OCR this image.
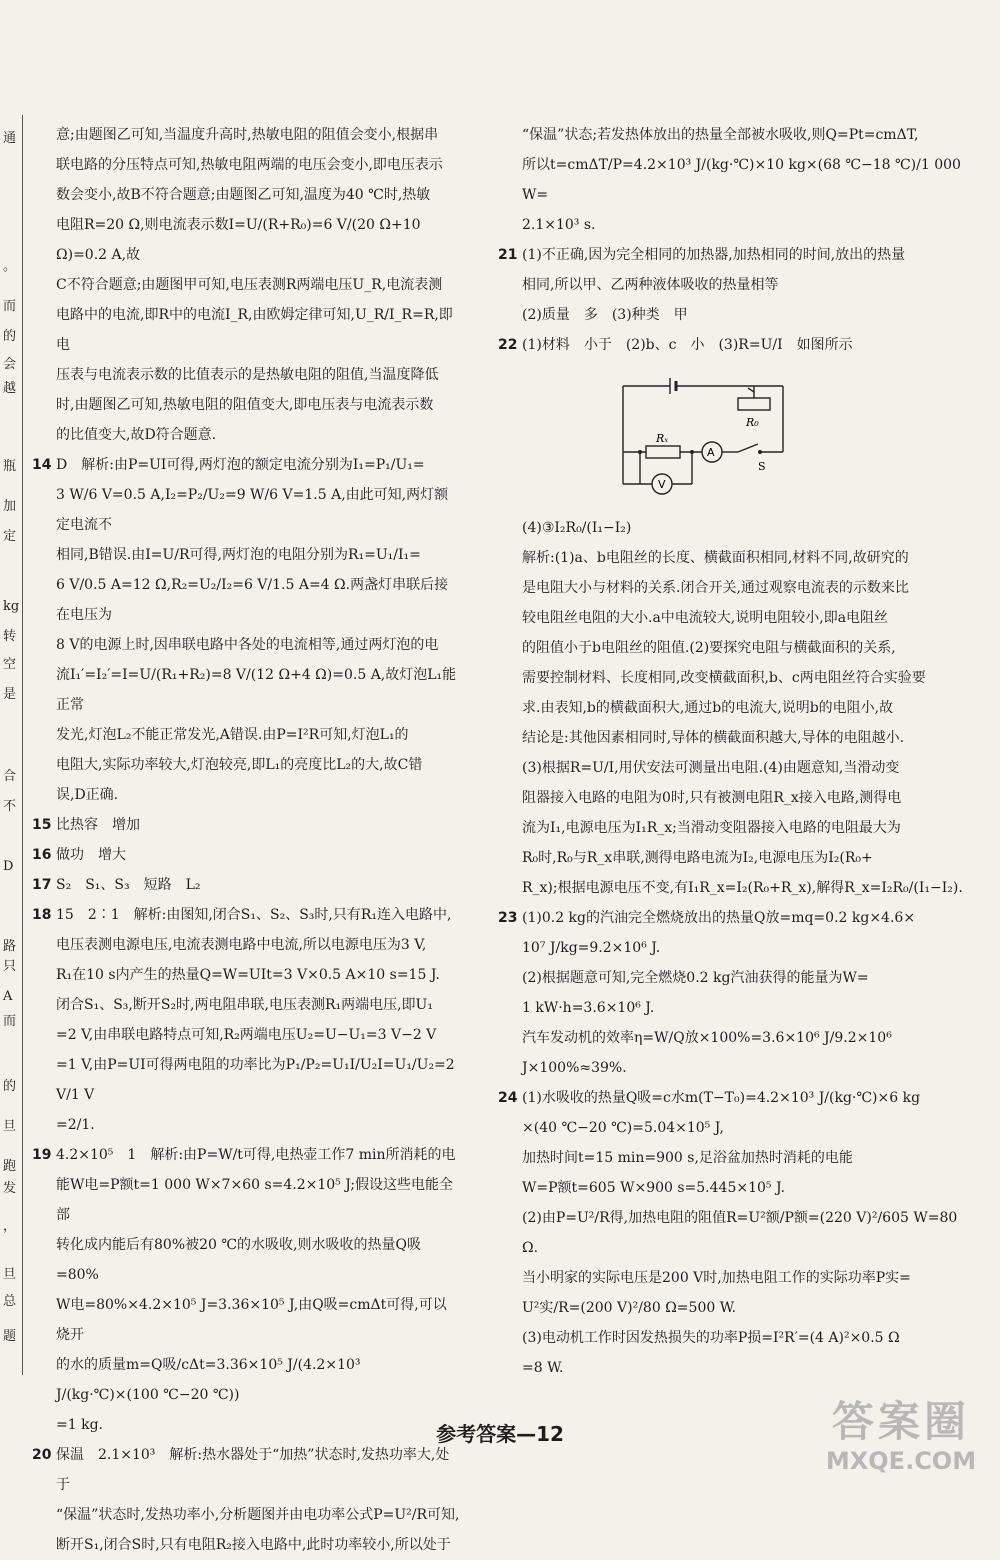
通
。
而
的
会
越
瓶
加
定
kg
转
空
是
合
不
D
路
只
A
而
的
旦
跑
发
，
旦
总
题

意;由题图乙可知,当温度升高时,热敏电阻的阻值会变小,根据串

联电路的分压特点可知,热敏电阻两端的电压会变小,即电压表示

数会变小,故B不符合题意;由题图乙可知,温度为40 ℃时,热敏

电阻R=20 Ω,则电流表示数I=U/(R+R₀)=6 V/(20 Ω+10 Ω)=0.2 A,故

C不符合题意;由题图甲可知,电压表测R两端电压U_R,电流表测

电路中的电流,即R中的电流I_R,由欧姆定律可知,U_R/I_R=R,即电

压表与电流表示数的比值表示的是热敏电阻的阻值,当温度降低

时,由题图乙可知,热敏电阻的阻值变大,即电压表与电流表示数

的比值变大,故D符合题意.

14 D　解析:由P=UI可得,两灯泡的额定电流分别为I₁=P₁/U₁=

3 W/6 V=0.5 A,I₂=P₂/U₂=9 W/6 V=1.5 A,由此可知,两灯额定电流不

相同,B错误.由I=U/R可得,两灯泡的电阻分别为R₁=U₁/I₁=

6 V/0.5 A=12 Ω,R₂=U₂/I₂=6 V/1.5 A=4 Ω.两盏灯串联后接在电压为

8 V的电源上时,因串联电路中各处的电流相等,通过两灯泡的电

流I₁′=I₂′=I=U/(R₁+R₂)=8 V/(12 Ω+4 Ω)=0.5 A,故灯泡L₁能正常

发光,灯泡L₂不能正常发光,A错误.由P=I²R可知,灯泡L₁的

电阻大,实际功率较大,灯泡较亮,即L₁的亮度比L₂的大,故C错

误,D正确.

15 比热容　增加

16 做功　增大

17 S₂　S₁、S₃　短路　L₂

18 15　2∶1　解析:由图知,闭合S₁、S₂、S₃时,只有R₁连入电路中,

电压表测电源电压,电流表测电路中电流,所以电源电压为3 V,

R₁在10 s内产生的热量Q=W=UIt=3 V×0.5 A×10 s=15 J.

闭合S₁、S₃,断开S₂时,两电阻串联,电压表测R₁两端电压,即U₁

=2 V,由串联电路特点可知,R₂两端电压U₂=U−U₁=3 V−2 V

=1 V,由P=UI可得两电阻的功率比为P₁/P₂=U₁I/U₂I=U₁/U₂=2 V/1 V

=2/1.

19 4.2×10⁵　1　解析:由P=W/t可得,电热壶工作7 min所消耗的电

能W电=P额t=1 000 W×7×60 s=4.2×10⁵ J;假设这些电能全部

转化成内能后有80%被20 ℃的水吸收,则水吸收的热量Q吸=80%

W电=80%×4.2×10⁵ J=3.36×10⁵ J,由Q吸=cmΔt可得,可以烧开

的水的质量m=Q吸/cΔt=3.36×10⁵ J/(4.2×10³ J/(kg·℃)×(100 ℃−20 ℃))

=1 kg.

20 保温　2.1×10³　解析:热水器处于“加热”状态时,发热功率大,处于

“保温”状态时,发热功率小,分析题图并由电功率公式P=U²/R可知,

断开S₁,闭合S时,只有电阻R₂接入电路中,此时功率较小,所以处于

“保温”状态;若发热体放出的热量全部被水吸收,则Q=Pt=cmΔT,

所以t=cmΔT/P=4.2×10³ J/(kg·℃)×10 kg×(68 ℃−18 ℃)/1 000 W=

2.1×10³ s.

21 (1)不正确,因为完全相同的加热器,加热相同的时间,放出的热量

相同,所以甲、乙两种液体吸收的热量相等

(2)质量　多　(3)种类　甲

22 (1)材料　小于　(2)b、c　小　(3)R=U/I　如图所示

R₀
Rₓ
A
V
S

(4)③I₂R₀/(I₁−I₂)

解析:(1)a、b电阻丝的长度、横截面积相同,材料不同,故研究的

是电阻大小与材料的关系.闭合开关,通过观察电流表的示数来比

较电阻丝电阻的大小.a中电流较大,说明电阻较小,即a电阻丝

的阻值小于b电阻丝的阻值.(2)要探究电阻与横截面积的关系,

需要控制材料、长度相同,改变横截面积,b、c两电阻丝符合实验要

求.由表知,b的横截面积大,通过b的电流大,说明b的电阻小,故

结论是:其他因素相同时,导体的横截面积越大,导体的电阻越小.

(3)根据R=U/I,用伏安法可测量出电阻.(4)由题意知,当滑动变

阻器接入电路的电阻为0时,只有被测电阻R_x接入电路,测得电

流为I₁,电源电压为I₁R_x;当滑动变阻器接入电路的电阻最大为

R₀时,R₀与R_x串联,测得电路电流为I₂,电源电压为I₂(R₀+

R_x);根据电源电压不变,有I₁R_x=I₂(R₀+R_x),解得R_x=I₂R₀/(I₁−I₂).

23 (1)0.2 kg的汽油完全燃烧放出的热量Q放=mq=0.2 kg×4.6×

10⁷ J/kg=9.2×10⁶ J.

(2)根据题意可知,完全燃烧0.2 kg汽油获得的能量为W=

1 kW·h=3.6×10⁶ J.

汽车发动机的效率η=W/Q放×100%=3.6×10⁶ J/9.2×10⁶ J×100%≈39%.

24 (1)水吸收的热量Q吸=c水m(T−T₀)=4.2×10³ J/(kg·℃)×6 kg

×(40 ℃−20 ℃)=5.04×10⁵ J,

加热时间t=15 min=900 s,足浴盆加热时消耗的电能

W=P额t=605 W×900 s=5.445×10⁵ J.

(2)由P=U²/R得,加热电阻的阻值R=U²额/P额=(220 V)²/605 W=80 Ω.

当小明家的实际电压是200 V时,加热电阻工作的实际功率P实=

U²实/R=(200 V)²/80 Ω=500 W.

(3)电动机工作时因发热损失的功率P损=I²R′=(4 A)²×0.5 Ω

=8 W.

参考答案—12	答案圈
MXQE.COM
